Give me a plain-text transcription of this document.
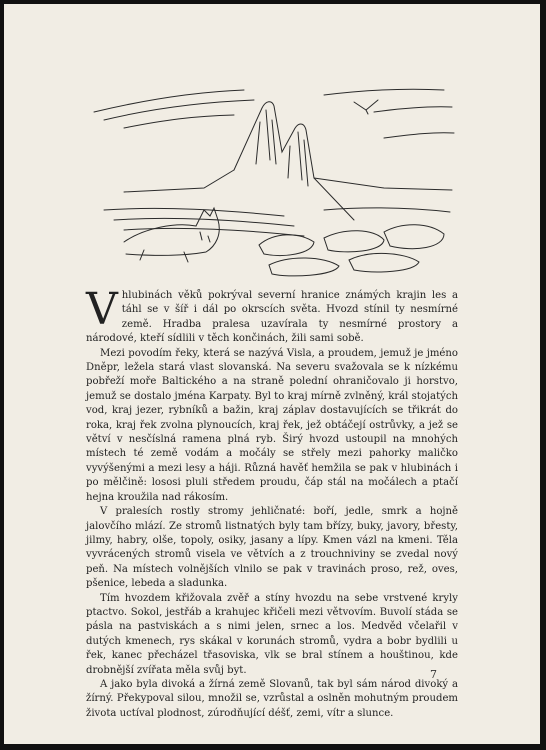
Vhlubinách věků pokrýval severní hranice známých krajin les a táhl se v šíř i dál po okrscích světa. Hvozd stínil ty nesmírné země. Hradba pralesa uzavírala ty nesmírné prostory a národové, kteří sídlili v těch končinách, žili sami sobě.

Mezi povodím řeky, která se nazývá Visla, a proudem, jemuž je jméno Dněpr, ležela stará vlast slovanská. Na severu svažovala se k nízkému pobřeží moře Baltického a na straně polední ohraničovalo ji horstvo, jemuž se dostalo jména Karpaty. Byl to kraj mírně zvlněný, král stojatých vod, kraj jezer, rybníků a bažin, kraj záplav dostavujících se třikrát do roka, kraj řek zvolna plynoucích, kraj řek, jež obtáčejí ostrůvky, a jež se větví v nesčíslná ramena plná ryb. Širý hvozd ustoupil na mnohých místech té země vodám a močály se střely mezi pahorky maličko vyvýšenými a mezi lesy a háji. Různá havěť hemžila se pak v hlubinách i po mělčině: lososi pluli středem proudu, čáp stál na močálech a ptačí hejna kroužila nad rákosím.

V pralesích rostly stromy jehličnaté: boří, jedle, smrk a hojně jalovčího mlází. Ze stromů listnatých byly tam břízy, buky, javory, břesty, jilmy, habry, olše, topoly, osiky, jasany a lípy. Kmen vázl na kmeni. Těla vyvrácených stromů visela ve větvích a z trouchniviny se zvedal nový peň. Na místech volnějších vlnilo se pak v travinách proso, rež, oves, pšenice, lebeda a sladunka.

Tím hvozdem křižovala zvěř a stíny hvozdu na sebe vrstvené kryly ptactvo. Sokol, jestřáb a krahujec křičeli mezi větvovím. Buvolí stáda se pásla na pastviskách a s nimi jelen, srnec a los. Medvěd včelařil v dutých kmenech, rys skákal v korunách stromů, vydra a bobr bydlili u řek, kanec přecházel třasoviska, vlk se bral stínem a houštinou, kde drobnější zvířata měla svůj byt.

A jako byla divoká a žírná země Slovanů, tak byl sám národ divoký a žírný. Překypoval silou, množil se, vzrůstal a oslněn mohutným proudem života uctíval plodnost, zúrodňující déšť, zemi, vítr a slunce.

7
